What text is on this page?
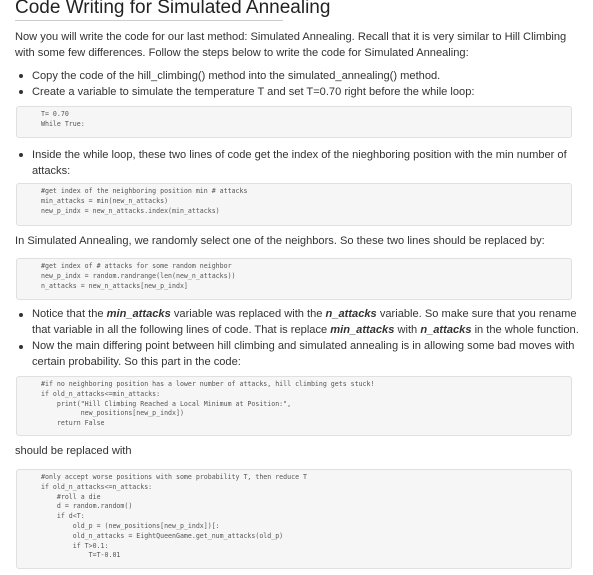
Code Writing for Simulated Annealing

Now you will write the code for our last method: Simulated Annealing. Recall that it is very similar to Hill Climbing with some few differences. Follow the steps below to write the code for Simulated Annealing:

Copy the code of the hill_climbing() method into the simulated_annealing() method.

Create a variable to simulate the temperature T and set T=0.70 right before the while loop:

T= 0.70
While True:

Inside the while loop, these two lines of code get the index of the nieghboring position with the min number of attacks:

#get index of the neighboring position min # attacks
min_attacks = min(new_n_attacks)
new_p_indx = new_n_attacks.index(min_attacks)

In Simulated Annealing, we randomly select one of the neighbors. So these two lines should be replaced by:

#get index of # attacks for some random neighbor
new_p_indx = random.randrange(len(new_n_attacks))
n_attacks = new_n_attacks[new_p_indx]

Notice that the min_attacks variable was replaced with the n_attacks variable. So make sure that you rename that variable in all the following lines of code. That is replace min_attacks with n_attacks in the whole function.

Now the main differing point between hill climbing and simulated annealing is in allowing some bad moves with certain probability. So this part in the code:

#if no neighboring position has a lower number of attacks, hill climbing gets stuck!
if old_n_attacks<=min_attacks:
print("Hill Climbing Reached a Local Minimum at Position:",
new_positions[new_p_indx])
return False

should be replaced with

#only accept worse positions with some probability T, then reduce T
if old_n_attacks<=n_attacks:
#roll a die
d = random.random()
if d<T:
old_p = (new_positions[new_p_indx])[:
old_n_attacks = EightQueenGame.get_num_attacks(old_p)
if T>0.1:
T=T-0.01
